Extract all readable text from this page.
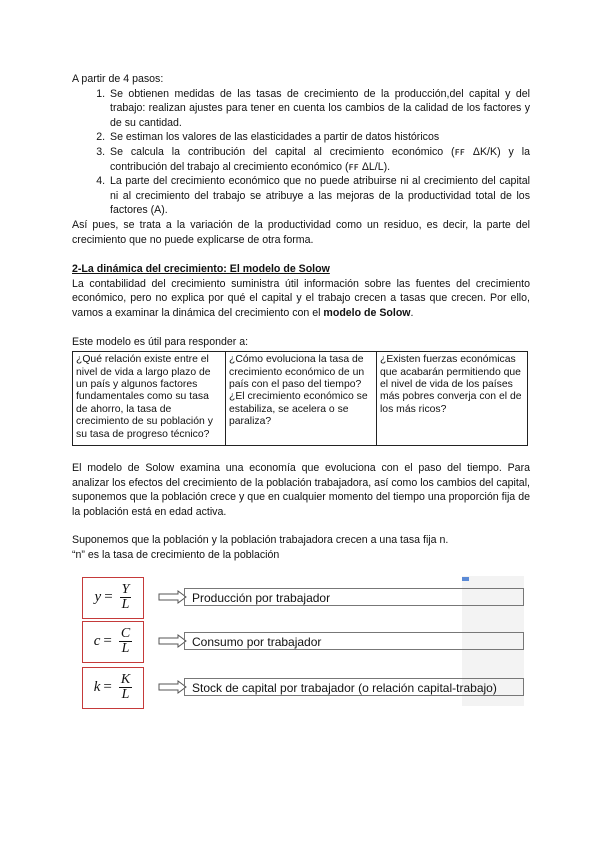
A partir de 4 pasos:

1. Se obtienen medidas de las tasas de crecimiento de la producción,del capital y del trabajo: realizan ajustes para tener en cuenta los cambios de la calidad de los factores y de su cantidad.
2. Se estiman los valores de las elasticidades a partir de datos históricos
3. Se calcula la contribución del capital al crecimiento económico (ꜰꜰ ΔK/K) y la contribución del trabajo al crecimiento económico (ꜰꜰ ΔL/L).
4. La parte del crecimiento económico que no puede atribuirse ni al crecimiento del capital ni al crecimiento del trabajo se atribuye a las mejoras de la productividad total de los factores (A).

Así pues, se trata a la variación de la productividad como un residuo, es decir, la parte del crecimiento que no puede explicarse de otra forma.

2-La dinámica del crecimiento: El modelo de Solow

La contabilidad del crecimiento suministra útil información sobre las fuentes del crecimiento económico, pero no explica por qué el capital y el trabajo crecen a tasas que crecen. Por ello, vamos a examinar la dinámica del crecimiento con el modelo de Solow.

Este modelo es útil para responder a:

¿Qué relación existe entre el nivel de vida a largo plazo de un país y algunos factores fundamentales como su tasa de ahorro, la tasa de crecimiento de su población y su tasa de progreso técnico?	¿Cómo evoluciona la tasa de crecimiento económico de un país con el paso del tiempo? ¿El crecimiento económico se estabiliza, se acelera o se paraliza?	¿Existen fuerzas económicas que acabarán permitiendo que el nivel de vida de los países más pobres converja con el de los más ricos?

El modelo de Solow examina una economía que evoluciona con el paso del tiempo. Para analizar los efectos del crecimiento de la población trabajadora, así como los cambios del capital, suponemos que la población crece y que en cualquier momento del tiempo una proporción fija de la población está en edad activa.

Suponemos que la población y la población trabajadora crecen a una tasa fija n.

“n” es la tasa de crecimiento de la población

$y = \frac{Y}{L}$	Producción por trabajador
$c = \frac{C}{L}$	Consumo por trabajador
$k = \frac{K}{L}$	Stock de capital por trabajador (o relación capital-trabajo)
